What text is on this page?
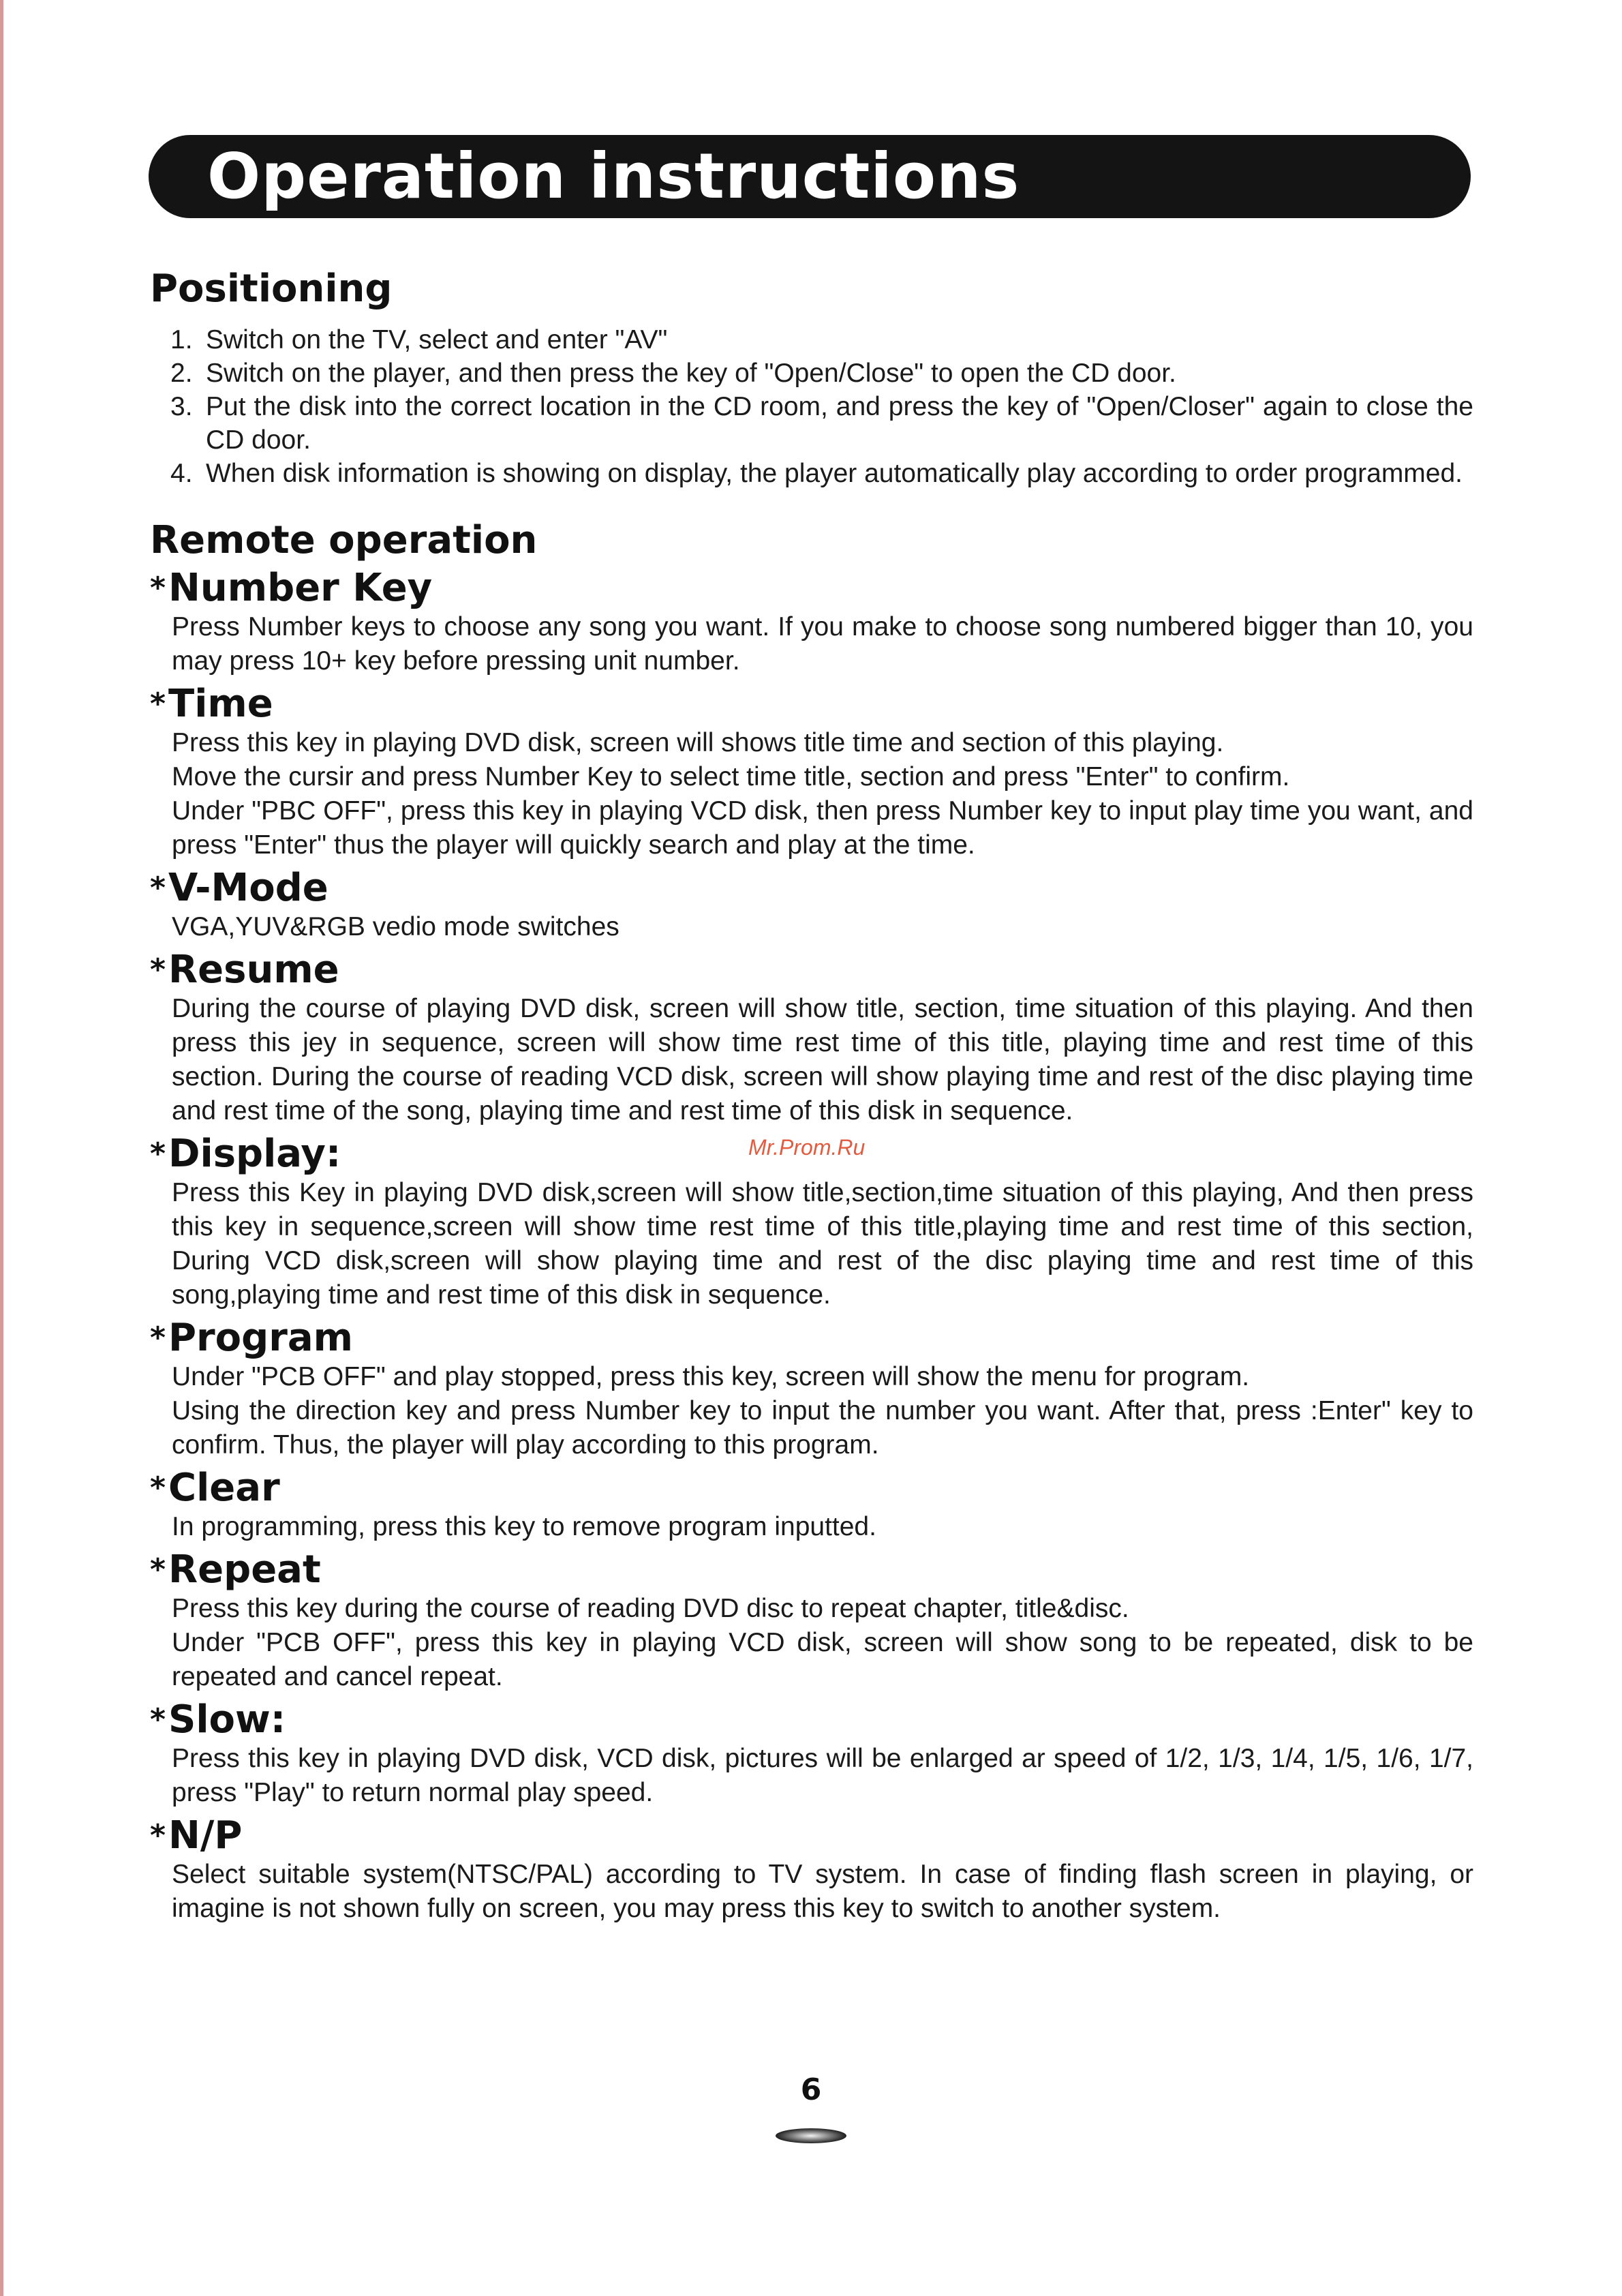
Operation instructions
Positioning
1. Switch on the TV, select and enter "AV"
2. Switch on the player, and then press the key of "Open/Close" to open the CD door.
3. Put the disk into the correct location in the CD room, and press the key of "Open/Closer" again to close the CD door.
4. When disk information is showing on display, the player automatically play according to order programmed.
Remote operation
*Number Key

Press Number keys to choose any song you want. If you make to choose song numbered bigger than 10, you may press 10+ key before pressing unit number.

*Time

Press this key in playing DVD disk, screen will shows title time and section of this playing.

Move the cursir and press Number Key to select time title, section and press "Enter" to confirm.

Under "PBC OFF", press this key in playing VCD disk, then press Number key to input play time you want, and press "Enter" thus the player will quickly search and play at the time.

*V-Mode

VGA,YUV&RGB vedio mode switches

*Resume

During the course of playing DVD disk, screen will show title, section, time situation of this playing. And then press this jey in sequence, screen will show time rest time of this title, playing time and rest time of this section. During the course of reading VCD disk, screen will show playing time and rest of the disc playing time and rest time of the song, playing time and rest time of this disk in sequence.

*Display:

Press this Key in playing DVD disk,screen will show title,section,time situation of this playing, And then press this key in sequence,screen will show time rest time of this title,playing time and rest time of this section, During VCD disk,screen will show playing time and rest of the disc playing time and rest time of this song,playing time and rest time of this disk in sequence.

*Program

Under "PCB OFF" and play stopped, press this key, screen will show the menu for program.

Using the direction key and press Number key to input the number you want. After that, press :Enter" key to confirm. Thus, the player will play according to this program.

*Clear

In programming, press this key to remove program inputted.

*Repeat

Press this key during the course of reading DVD disc to repeat chapter, title&disc.

Under "PCB OFF", press this key in playing VCD disk, screen will show song to be repeated, disk to be repeated and cancel repeat.

*Slow:

Press this key in playing DVD disk, VCD disk, pictures will be enlarged ar speed of 1/2, 1/3, 1/4, 1/5, 1/6, 1/7, press "Play" to return normal play speed.

*N/P

Select suitable system(NTSC/PAL) according to TV system. In case of finding flash screen in playing, or imagine is not shown fully on screen, you may press this key to switch to another system.

Mr.Prom.Ru
6
